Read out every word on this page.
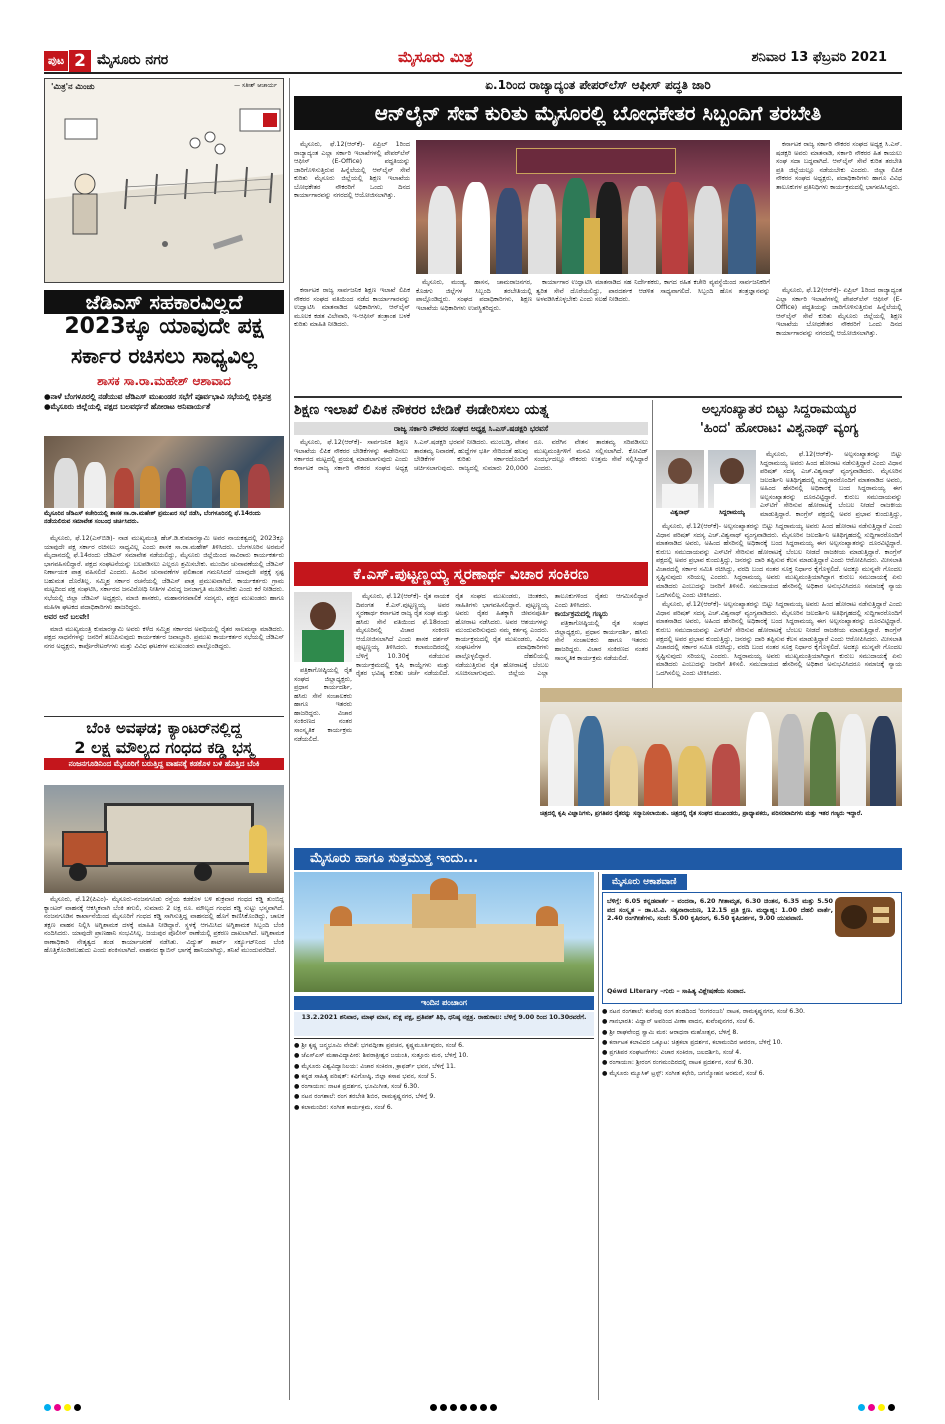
ಪುಟ 2 ಮೈಸೂರು ನಗರ	ಮೈಸೂರು ಮಿತ್ರ	ಶನಿವಾರ 13 ಫೆಬ್ರವರಿ 2021
'ಮಿತ್ರ'ನ ಮಿಂಚು	— ಸತೀಶ್ ಆಚಾರ್ಯ
ಜೆಡಿಎಸ್ ಸಹಕಾರವಿಲ್ಲದೆ
2023ಕ್ಕೂ ಯಾವುದೇ ಪಕ್ಷ
ಸರ್ಕಾರ ರಚಿಸಲು ಸಾಧ್ಯವಿಲ್ಲ
ಶಾಸಕ ಸಾ.ರಾ.ಮಹೇಶ್ ಆಶಾವಾದ
●ನಾಳೆ ಬೆಂಗಳೂರಲ್ಲಿ ನಡೆಯುವ ಜೆಡಿಎಸ್ ಮುಖಂಡರ ಸಭೆಗೆ ಪೂರ್ವಭಾವಿ ಸಭೆಯಲ್ಲಿ ಭಿತ್ತಿಪತ್ರ
●ಮೈಸೂರು ಜಿಲ್ಲೆಯಲ್ಲಿ ಪಕ್ಷದ ಬಲವರ್ಧನೆ ಹೋರಾಟ ಅನಿವಾರ್ಯತೆ
ಮೈಸೂರಿನ ಜೆಡಿಎಸ್ ಕಚೇರಿಯಲ್ಲಿ ಶಾಸಕ ಸಾ.ರಾ.ಮಹೇಶ್ ಪ್ರಮುಖರ ಸಭೆ ನಡೆಸಿ, ಬೆಂಗಳೂರಿನಲ್ಲಿ ಫೆ.14ರಂದು ನಡೆಯಲಿರುವ ಸಮಾವೇಶ ಸಂಬಂಧ ಚರ್ಚಿಸಿದರು.

ಮೈಸೂರು, ಫೆ.12(ಎಸ್‌ಬಿಡಿ)- ನಾಡ ಮುಖ್ಯಮಂತ್ರಿ ಹೆಚ್.ಡಿ.ಕುಮಾರಸ್ವಾಮಿ ಅವರ ನಾಯಕತ್ವದಲ್ಲಿ 2023ಕ್ಕೂ ಯಾವುದೇ ಪಕ್ಷ ಸರ್ಕಾರ ರಚಿಸಲು ಸಾಧ್ಯವಿಲ್ಲ ಎಂದು ಶಾಸಕ ಸಾ.ರಾ.ಮಹೇಶ್ ತಿಳಿಸಿದರು. ಬೆಂಗಳೂರಿನ ಅರಮನೆ ಮೈದಾನದಲ್ಲಿ ಫೆ.14ರಂದು ಜೆಡಿಎಸ್ ಸಮಾವೇಶ ನಡೆಯಲಿದ್ದು, ಮೈಸೂರು ಜಿಲ್ಲೆಯಿಂದ ಸಾವಿರಾರು ಕಾರ್ಯಕರ್ತರು ಭಾಗವಹಿಸಲಿದ್ದಾರೆ. ಪಕ್ಷದ ಸಂಘಟನೆಯನ್ನು ಬಲಪಡಿಸಲು ಎಲ್ಲರೂ ಶ್ರಮಿಸಬೇಕು. ಮುಂದಿನ ಚುನಾವಣೆಯಲ್ಲಿ ಜೆಡಿಎಸ್ ನಿರ್ಣಾಯಕ ಪಾತ್ರ ವಹಿಸಲಿದೆ ಎಂದರು. ಹಿಂದಿನ ಚುನಾವಣೆಗಳ ಫಲಿತಾಂಶ ಗಮನಿಸಿದರೆ ಯಾವುದೇ ಪಕ್ಷಕ್ಕೆ ಸ್ಪಷ್ಟ ಬಹುಮತ ದೊರೆತಿಲ್ಲ. ಸಮ್ಮಿಶ್ರ ಸರ್ಕಾರ ರಚನೆಯಲ್ಲಿ ಜೆಡಿಎಸ್ ಪಾತ್ರ ಪ್ರಮುಖವಾಗಿದೆ. ಕಾರ್ಯಕರ್ತರು ಗ್ರಾಮ ಮಟ್ಟದಿಂದ ಪಕ್ಷ ಸಂಘಟಿಸಿ, ಸರ್ಕಾರದ ಜನವಿರೋಧಿ ನೀತಿಗಳ ವಿರುದ್ಧ ಜನಜಾಗೃತಿ ಮೂಡಿಸಬೇಕು ಎಂದು ಕರೆ ನೀಡಿದರು. ಸಭೆಯಲ್ಲಿ ಜಿಲ್ಲಾ ಜೆಡಿಎಸ್ ಅಧ್ಯಕ್ಷರು, ಮಾಜಿ ಶಾಸಕರು, ಮಹಾನಗರಪಾಲಿಕೆ ಸದಸ್ಯರು, ಪಕ್ಷದ ಮುಖಂಡರು ಹಾಗೂ ಮಹಿಳಾ ಘಟಕದ ಪದಾಧಿಕಾರಿಗಳು ಹಾಜರಿದ್ದರು.

ಅವರ ಆನೆ ಬಲವೇ!

ಮಾಜಿ ಮುಖ್ಯಮಂತ್ರಿ ಕುಮಾರಸ್ವಾಮಿ ಅವರು ಕಳೆದ ಸಮ್ಮಿಶ್ರ ಸರ್ಕಾರದ ಅವಧಿಯಲ್ಲಿ ರೈತರ ಸಾಲಮನ್ನಾ ಮಾಡಿದರು. ಪಕ್ಷದ ಸಾಧನೆಗಳನ್ನು ಜನರಿಗೆ ತಲುಪಿಸುವುದು ಕಾರ್ಯಕರ್ತರ ಜವಾಬ್ದಾರಿ. ಪ್ರಮುಖ ಕಾರ್ಯಕರ್ತರ ಸಭೆಯಲ್ಲಿ ಜೆಡಿಎಸ್ ನಗರ ಅಧ್ಯಕ್ಷರು, ಕಾರ್ಪೊರೇಟರ್‌ಗಳು ಮತ್ತು ವಿವಿಧ ಘಟಕಗಳ ಮುಖಂಡರು ಪಾಲ್ಗೊಂಡಿದ್ದರು.

ಬೆಂಕಿ ಅವಘಡ; ಕ್ಯಾಂಟರ್‌ನಲ್ಲಿದ್ದ
2 ಲಕ್ಷ ಮೌಲ್ಯದ ಗಂಧದ ಕಡ್ಡಿ ಭಸ್ಮ
ನಂಜನಗೂಡಿನಿಂದ ಮೈಸೂರಿಗೆ ಬರುತ್ತಿದ್ದ ವಾಹನಕ್ಕೆ ಕಡಕೊಳ ಬಳಿ ಹೊತ್ತಿದ ಬೆಂಕಿ

ಮೈಸೂರು, ಫೆ.12(ಪಿಎಂ)- ಮೈಸೂರು-ನಂಜನಗೂಡು ರಸ್ತೆಯ ಕಡಕೊಳ ಬಳಿ ಶುಕ್ರವಾರ ಗಂಧದ ಕಡ್ಡಿ ತುಂಬಿದ್ದ ಕ್ಯಾಂಟರ್ ವಾಹನಕ್ಕೆ ಆಕಸ್ಮಿಕವಾಗಿ ಬೆಂಕಿ ತಗುಲಿ, ಸುಮಾರು 2 ಲಕ್ಷ ರೂ. ಮೌಲ್ಯದ ಗಂಧದ ಕಡ್ಡಿ ಸುಟ್ಟು ಭಸ್ಮವಾಗಿದೆ. ನಂಜನಗೂಡಿನ ಕಾರ್ಖಾನೆಯಿಂದ ಮೈಸೂರಿಗೆ ಗಂಧದ ಕಡ್ಡಿ ಸಾಗಿಸುತ್ತಿದ್ದ ವಾಹನದಲ್ಲಿ ಹೊಗೆ ಕಾಣಿಸಿಕೊಂಡಿದ್ದು, ಚಾಲಕ ತಕ್ಷಣ ವಾಹನ ನಿಲ್ಲಿಸಿ ಅಗ್ನಿಶಾಮಕ ದಳಕ್ಕೆ ಮಾಹಿತಿ ನೀಡಿದ್ದಾರೆ. ಸ್ಥಳಕ್ಕೆ ಆಗಮಿಸಿದ ಅಗ್ನಿಶಾಮಕ ಸಿಬ್ಬಂದಿ ಬೆಂಕಿ ನಂದಿಸಿದರು. ಯಾವುದೇ ಪ್ರಾಣಹಾನಿ ಸಂಭವಿಸಿಲ್ಲ. ಜಯಪುರ ಪೊಲೀಸ್ ಠಾಣೆಯಲ್ಲಿ ಪ್ರಕರಣ ದಾಖಲಾಗಿದೆ. ಅಗ್ನಿಶಾಮಕ ಠಾಣಾಧಿಕಾರಿ ನೇತೃತ್ವದ ತಂಡ ಕಾರ್ಯಾಚರಣೆ ನಡೆಸಿತು. ವಿದ್ಯುತ್ ಶಾರ್ಟ್ ಸರ್ಕ್ಯೂಟ್‌ನಿಂದ ಬೆಂಕಿ ಹೊತ್ತಿಕೊಂಡಿರಬಹುದು ಎಂದು ಶಂಕಿಸಲಾಗಿದೆ. ವಾಹನದ ಕ್ಯಾಬಿನ್ ಭಾಗಕ್ಕೆ ಹಾನಿಯಾಗಿದ್ದು, ತನಿಖೆ ಮುಂದುವರೆದಿದೆ.

ಏ.1ರಿಂದ ರಾಜ್ಯಾದ್ಯಂತ ಪೇಪರ್‌ಲೆಸ್ ಆಫೀಸ್ ಪದ್ಧತಿ ಜಾರಿ
ಆನ್‌ಲೈನ್ ಸೇವೆ ಕುರಿತು ಮೈಸೂರಲ್ಲಿ ಬೋಧಕೇತರ ಸಿಬ್ಬಂದಿಗೆ ತರಬೇತಿ

ಮೈಸೂರು, ಫೆ.12(ಆರ್‌ಕೆ)- ಏಪ್ರಿಲ್ 1ರಿಂದ ರಾಜ್ಯಾದ್ಯಂತ ಎಲ್ಲಾ ಸರ್ಕಾರಿ ಇಲಾಖೆಗಳಲ್ಲಿ ಪೇಪರ್‌ಲೆಸ್ ಆಫೀಸ್ (E-Office) ಪದ್ಧತಿಯನ್ನು ಜಾರಿಗೊಳಿಸುತ್ತಿರುವ ಹಿನ್ನೆಲೆಯಲ್ಲಿ ಆನ್‌ಲೈನ್ ಸೇವೆ ಕುರಿತು ಮೈಸೂರು ಜಿಲ್ಲೆಯಲ್ಲಿ ಶಿಕ್ಷಣ ಇಲಾಖೆಯ ಬೋಧಕೇತರ ನೌಕರರಿಗೆ ಒಂದು ದಿನದ ಕಾರ್ಯಾಗಾರವನ್ನು ನಗರದಲ್ಲಿ ಆಯೋಜಿಸಲಾಗಿತ್ತು.

ಕರ್ನಾಟಕ ರಾಜ್ಯ ಸರ್ಕಾರಿ ನೌಕರರ ಸಂಘದ ಅಧ್ಯಕ್ಷ ಸಿ.ಎಸ್. ಷಡಕ್ಷರಿ ಅವರು ಮಾತನಾಡಿ, ಸರ್ಕಾರಿ ನೌಕರರ ಹಿತ ಕಾಯಲು ಸಂಘ ಸದಾ ಬದ್ಧವಾಗಿದೆ. ಆನ್‌ಲೈನ್ ಸೇವೆ ಕುರಿತ ತರಬೇತಿ ಪ್ರತಿ ಜಿಲ್ಲೆಯಲ್ಲೂ ನಡೆಯಬೇಕು ಎಂದರು. ಜಿಲ್ಲಾ ಲಿಪಿಕ ನೌಕರರ ಸಂಘದ ಅಧ್ಯಕ್ಷರು, ಪದಾಧಿಕಾರಿಗಳು ಹಾಗೂ ವಿವಿಧ ತಾಲೂಕುಗಳ ಪ್ರತಿನಿಧಿಗಳು ಕಾರ್ಯಕ್ರಮದಲ್ಲಿ ಭಾಗವಹಿಸಿದ್ದರು.

ಕರ್ನಾಟಕ ರಾಜ್ಯ ಸಾರ್ವಜನಿಕ ಶಿಕ್ಷಣ ಇಲಾಖೆ ಲಿಪಿಕ ನೌಕರರ ಸಂಘದ ವತಿಯಿಂದ ನಡೆದ ಕಾರ್ಯಾಗಾರವನ್ನು ಉದ್ಘಾಟಿಸಿ ಮಾತನಾಡಿದ ಅಧಿಕಾರಿಗಳು, ಆನ್‌ಲೈನ್ ಮೂಲಕ ಕಡತ ವಿಲೇವಾರಿ, ಇ-ಆಫೀಸ್ ತಂತ್ರಾಂಶ ಬಳಕೆ ಕುರಿತು ಮಾಹಿತಿ ನೀಡಿದರು.

ಮೈಸೂರು, ಮಂಡ್ಯ, ಹಾಸನ, ಚಾಮರಾಜನಗರ, ಕೊಡಗು ಜಿಲ್ಲೆಗಳ ಸಿಬ್ಬಂದಿ ತರಬೇತಿಯಲ್ಲಿ ಪಾಲ್ಗೊಂಡಿದ್ದರು. ಸಂಘದ ಪದಾಧಿಕಾರಿಗಳು, ಶಿಕ್ಷಣ ಇಲಾಖೆಯ ಅಧಿಕಾರಿಗಳು ಉಪಸ್ಥಿತರಿದ್ದರು.

ಕಾರ್ಯಾಗಾರ ಉದ್ಘಾಟಿಸಿ ಮಾತನಾಡಿದ ಸಹ ನಿರ್ದೇಶಕರು, ಕಾಗದ ರಹಿತ ಕಚೇರಿ ವ್ಯವಸ್ಥೆಯಿಂದ ಸಾರ್ವಜನಿಕರಿಗೆ ತ್ವರಿತ ಸೇವೆ ದೊರೆಯಲಿದ್ದು, ಪಾರದರ್ಶಕ ಆಡಳಿತ ಸಾಧ್ಯವಾಗಲಿದೆ. ಸಿಬ್ಬಂದಿ ಹೊಸ ತಂತ್ರಜ್ಞಾನವನ್ನು ಅಳವಡಿಸಿಕೊಳ್ಳಬೇಕು ಎಂದು ಸಲಹೆ ನೀಡಿದರು.

ಮೈಸೂರು, ಫೆ.12(ಆರ್‌ಕೆ)- ಏಪ್ರಿಲ್ 1ರಿಂದ ರಾಜ್ಯಾದ್ಯಂತ ಎಲ್ಲಾ ಸರ್ಕಾರಿ ಇಲಾಖೆಗಳಲ್ಲಿ ಪೇಪರ್‌ಲೆಸ್ ಆಫೀಸ್ (E-Office) ಪದ್ಧತಿಯನ್ನು ಜಾರಿಗೊಳಿಸುತ್ತಿರುವ ಹಿನ್ನೆಲೆಯಲ್ಲಿ ಆನ್‌ಲೈನ್ ಸೇವೆ ಕುರಿತು ಮೈಸೂರು ಜಿಲ್ಲೆಯಲ್ಲಿ ಶಿಕ್ಷಣ ಇಲಾಖೆಯ ಬೋಧಕೇತರ ನೌಕರರಿಗೆ ಒಂದು ದಿನದ ಕಾರ್ಯಾಗಾರವನ್ನು ನಗರದಲ್ಲಿ ಆಯೋಜಿಸಲಾಗಿತ್ತು.

ಶಿಕ್ಷಣ ಇಲಾಖೆ ಲಿಪಿಕ ನೌಕರರ ಬೇಡಿಕೆ ಈಡೇರಿಸಲು ಯತ್ನ
ರಾಜ್ಯ ಸರ್ಕಾರಿ ನೌಕರರ ಸಂಘದ ಅಧ್ಯಕ್ಷ ಸಿ.ಎಸ್.ಷಡಕ್ಷರಿ ಭರವಸೆ

ಮೈಸೂರು, ಫೆ.12(ಆರ್‌ಕೆ)- ಸಾರ್ವಜನಿಕ ಶಿಕ್ಷಣ ಇಲಾಖೆಯ ಲಿಪಿಕ ನೌಕರರ ಬೇಡಿಕೆಗಳನ್ನು ಈಡೇರಿಸಲು ಸರ್ಕಾರದ ಮಟ್ಟದಲ್ಲಿ ಪ್ರಯತ್ನ ಮಾಡಲಾಗುವುದು ಎಂದು ಕರ್ನಾಟಕ ರಾಜ್ಯ ಸರ್ಕಾರಿ ನೌಕರರ ಸಂಘದ ಅಧ್ಯಕ್ಷ ಸಿ.ಎಸ್.ಷಡಕ್ಷರಿ ಭರವಸೆ ನೀಡಿದರು. ಮುಂಬಡ್ತಿ, ವೇತನ ತಾರತಮ್ಯ ನಿವಾರಣೆ, ಹುದ್ದೆಗಳ ಭರ್ತಿ ಸೇರಿದಂತೆ ಹಲವು ಬೇಡಿಕೆಗಳ ಕುರಿತು ಸರ್ಕಾರದೊಂದಿಗೆ ಚರ್ಚಿಸಲಾಗುವುದು. ರಾಜ್ಯದಲ್ಲಿ ಸುಮಾರು 20,000 ರೂ. ವರೆಗಿನ ವೇತನ ತಾರತಮ್ಯ ಸರಿಪಡಿಸಲು ಮುಖ್ಯಮಂತ್ರಿಗಳಿಗೆ ಮನವಿ ಸಲ್ಲಿಸಲಾಗಿದೆ. ಕೋವಿಡ್ ಸಂದರ್ಭದಲ್ಲೂ ನೌಕರರು ಉತ್ತಮ ಸೇವೆ ಸಲ್ಲಿಸಿದ್ದಾರೆ ಎಂದರು.

ಅಲ್ಪಸಂಖ್ಯಾತರ ಬಿಟ್ಟು ಸಿದ್ದರಾಮಯ್ಯರ
'ಹಿಂದ' ಹೋರಾಟ: ವಿಶ್ವನಾಥ್ ವ್ಯಂಗ್ಯ
ವಿಶ್ವನಾಥ್	ಸಿದ್ದರಾಮಯ್ಯ

ಮೈಸೂರು, ಫೆ.12(ಆರ್‌ಕೆ)- ಅಲ್ಪಸಂಖ್ಯಾತರನ್ನು ಬಿಟ್ಟು ಸಿದ್ದರಾಮಯ್ಯ ಅವರು ಹಿಂದ ಹೋರಾಟ ನಡೆಸುತ್ತಿದ್ದಾರೆ ಎಂದು ವಿಧಾನ ಪರಿಷತ್ ಸದಸ್ಯ ಎಚ್.ವಿಶ್ವನಾಥ್ ವ್ಯಂಗ್ಯವಾಡಿದರು. ಮೈಸೂರಿನ ಜಲದರ್ಶಿನಿ ಅತಿಥಿಗೃಹದಲ್ಲಿ ಸುದ್ದಿಗಾರರೊಂದಿಗೆ ಮಾತನಾಡಿದ ಅವರು, ಅಹಿಂದ ಹೆಸರಿನಲ್ಲಿ ಅಧಿಕಾರಕ್ಕೆ ಬಂದ ಸಿದ್ದರಾಮಯ್ಯ ಈಗ ಅಲ್ಪಸಂಖ್ಯಾತರನ್ನು ದೂರವಿಟ್ಟಿದ್ದಾರೆ. ಕುರುಬ ಸಮುದಾಯವನ್ನು ಎಸ್‌ಟಿಗೆ ಸೇರಿಸುವ ಹೋರಾಟಕ್ಕೆ ಬೆಂಬಲ ನೀಡದೆ ರಾಜಕೀಯ ಮಾಡುತ್ತಿದ್ದಾರೆ. ಕಾಂಗ್ರೆಸ್ ಪಕ್ಷದಲ್ಲಿ ಅವರ ಪ್ರಭಾವ ಕುಂದುತ್ತಿದ್ದು,

ಮೈಸೂರು, ಫೆ.12(ಆರ್‌ಕೆ)- ಅಲ್ಪಸಂಖ್ಯಾತರನ್ನು ಬಿಟ್ಟು ಸಿದ್ದರಾಮಯ್ಯ ಅವರು ಹಿಂದ ಹೋರಾಟ ನಡೆಸುತ್ತಿದ್ದಾರೆ ಎಂದು ವಿಧಾನ ಪರಿಷತ್ ಸದಸ್ಯ ಎಚ್.ವಿಶ್ವನಾಥ್ ವ್ಯಂಗ್ಯವಾಡಿದರು. ಮೈಸೂರಿನ ಜಲದರ್ಶಿನಿ ಅತಿಥಿಗೃಹದಲ್ಲಿ ಸುದ್ದಿಗಾರರೊಂದಿಗೆ ಮಾತನಾಡಿದ ಅವರು, ಅಹಿಂದ ಹೆಸರಿನಲ್ಲಿ ಅಧಿಕಾರಕ್ಕೆ ಬಂದ ಸಿದ್ದರಾಮಯ್ಯ ಈಗ ಅಲ್ಪಸಂಖ್ಯಾತರನ್ನು ದೂರವಿಟ್ಟಿದ್ದಾರೆ. ಕುರುಬ ಸಮುದಾಯವನ್ನು ಎಸ್‌ಟಿಗೆ ಸೇರಿಸುವ ಹೋರಾಟಕ್ಕೆ ಬೆಂಬಲ ನೀಡದೆ ರಾಜಕೀಯ ಮಾಡುತ್ತಿದ್ದಾರೆ. ಕಾಂಗ್ರೆಸ್ ಪಕ್ಷದಲ್ಲಿ ಅವರ ಪ್ರಭಾವ ಕುಂದುತ್ತಿದ್ದು, ಜನರನ್ನು ದಾರಿ ತಪ್ಪಿಸುವ ಕೆಲಸ ಮಾಡುತ್ತಿದ್ದಾರೆ ಎಂದು ಆರೋಪಿಸಿದರು. ಮೀಸಲಾತಿ ವಿಚಾರದಲ್ಲಿ ಸರ್ಕಾರ ಸಮಿತಿ ರಚಿಸಿದ್ದು, ವರದಿ ಬಂದ ನಂತರ ಸೂಕ್ತ ನಿರ್ಧಾರ ಕೈಗೊಳ್ಳಲಿದೆ. ಅದಕ್ಕೂ ಮುನ್ನವೇ ಗೊಂದಲ ಸೃಷ್ಟಿಸುವುದು ಸರಿಯಲ್ಲ ಎಂದರು. ಸಿದ್ದರಾಮಯ್ಯ ಅವರು ಮುಖ್ಯಮಂತ್ರಿಯಾಗಿದ್ದಾಗ ಕುರುಬ ಸಮುದಾಯಕ್ಕೆ ಏನು ಮಾಡಿದರು ಎಂಬುದನ್ನು ಜನರಿಗೆ ತಿಳಿಸಲಿ. ಸಮುದಾಯದ ಹೆಸರಿನಲ್ಲಿ ಅಧಿಕಾರ ಅನುಭವಿಸಿದರೂ ಸಮಾಜಕ್ಕೆ ನ್ಯಾಯ ಒದಗಿಸಲಿಲ್ಲ ಎಂದು ಟೀಕಿಸಿದರು.

ಮೈಸೂರು, ಫೆ.12(ಆರ್‌ಕೆ)- ಅಲ್ಪಸಂಖ್ಯಾತರನ್ನು ಬಿಟ್ಟು ಸಿದ್ದರಾಮಯ್ಯ ಅವರು ಹಿಂದ ಹೋರಾಟ ನಡೆಸುತ್ತಿದ್ದಾರೆ ಎಂದು ವಿಧಾನ ಪರಿಷತ್ ಸದಸ್ಯ ಎಚ್.ವಿಶ್ವನಾಥ್ ವ್ಯಂಗ್ಯವಾಡಿದರು. ಮೈಸೂರಿನ ಜಲದರ್ಶಿನಿ ಅತಿಥಿಗೃಹದಲ್ಲಿ ಸುದ್ದಿಗಾರರೊಂದಿಗೆ ಮಾತನಾಡಿದ ಅವರು, ಅಹಿಂದ ಹೆಸರಿನಲ್ಲಿ ಅಧಿಕಾರಕ್ಕೆ ಬಂದ ಸಿದ್ದರಾಮಯ್ಯ ಈಗ ಅಲ್ಪಸಂಖ್ಯಾತರನ್ನು ದೂರವಿಟ್ಟಿದ್ದಾರೆ. ಕುರುಬ ಸಮುದಾಯವನ್ನು ಎಸ್‌ಟಿಗೆ ಸೇರಿಸುವ ಹೋರಾಟಕ್ಕೆ ಬೆಂಬಲ ನೀಡದೆ ರಾಜಕೀಯ ಮಾಡುತ್ತಿದ್ದಾರೆ. ಕಾಂಗ್ರೆಸ್ ಪಕ್ಷದಲ್ಲಿ ಅವರ ಪ್ರಭಾವ ಕುಂದುತ್ತಿದ್ದು, ಜನರನ್ನು ದಾರಿ ತಪ್ಪಿಸುವ ಕೆಲಸ ಮಾಡುತ್ತಿದ್ದಾರೆ ಎಂದು ಆರೋಪಿಸಿದರು. ಮೀಸಲಾತಿ ವಿಚಾರದಲ್ಲಿ ಸರ್ಕಾರ ಸಮಿತಿ ರಚಿಸಿದ್ದು, ವರದಿ ಬಂದ ನಂತರ ಸೂಕ್ತ ನಿರ್ಧಾರ ಕೈಗೊಳ್ಳಲಿದೆ. ಅದಕ್ಕೂ ಮುನ್ನವೇ ಗೊಂದಲ ಸೃಷ್ಟಿಸುವುದು ಸರಿಯಲ್ಲ ಎಂದರು. ಸಿದ್ದರಾಮಯ್ಯ ಅವರು ಮುಖ್ಯಮಂತ್ರಿಯಾಗಿದ್ದಾಗ ಕುರುಬ ಸಮುದಾಯಕ್ಕೆ ಏನು ಮಾಡಿದರು ಎಂಬುದನ್ನು ಜನರಿಗೆ ತಿಳಿಸಲಿ. ಸಮುದಾಯದ ಹೆಸರಿನಲ್ಲಿ ಅಧಿಕಾರ ಅನುಭವಿಸಿದರೂ ಸಮಾಜಕ್ಕೆ ನ್ಯಾಯ ಒದಗಿಸಲಿಲ್ಲ ಎಂದು ಟೀಕಿಸಿದರು.

ಕೆ.ಎಸ್.ಪುಟ್ಟಣ್ಣಯ್ಯ ಸ್ಮರಣಾರ್ಥ ವಿಚಾರ ಸಂಕಿರಣ

ಮೈಸೂರು, ಫೆ.12(ಆರ್‌ಕೆ)- ರೈತ ನಾಯಕ ದಿವಂಗತ ಕೆ.ಎಸ್.ಪುಟ್ಟಣ್ಣಯ್ಯ ಅವರ ಸ್ಮರಣಾರ್ಥ ಕರ್ನಾಟಕ ರಾಜ್ಯ ರೈತ ಸಂಘ ಮತ್ತು ಹಸಿರು ಸೇನೆ ವತಿಯಿಂದ ಫೆ.18ರಂದು ಮೈಸೂರಿನಲ್ಲಿ ವಿಚಾರ ಸಂಕಿರಣ ಆಯೋಜಿಸಲಾಗಿದೆ ಎಂದು ಶಾಸಕ ದರ್ಶನ್ ಪುಟ್ಟಣ್ಣಯ್ಯ ತಿಳಿಸಿದರು. ಕಲಾಮಂದಿರದಲ್ಲಿ ಬೆಳಿಗ್ಗೆ 10.30ಕ್ಕೆ ನಡೆಯುವ ಕಾರ್ಯಕ್ರಮದಲ್ಲಿ ಕೃಷಿ ಕಾಯ್ದೆಗಳು ಮತ್ತು ರೈತರ ಭವಿಷ್ಯ ಕುರಿತು ಚರ್ಚೆ ನಡೆಯಲಿದೆ. ರೈತ ಸಂಘದ ಮುಖಂಡರು, ಚಿಂತಕರು, ಸಾಹಿತಿಗಳು ಭಾಗವಹಿಸಲಿದ್ದಾರೆ. ಪುಟ್ಟಣ್ಣಯ್ಯ ಅವರು ರೈತರ ಹಿತಕ್ಕಾಗಿ ಜೀವನಪೂರ್ತಿ ಹೋರಾಟ ನಡೆಸಿದರು. ಅವರ ಆಶಯಗಳನ್ನು ಮುಂದುವರಿಸುವುದು ನಮ್ಮ ಕರ್ತವ್ಯ ಎಂದರು. ಕಾರ್ಯಕ್ರಮದಲ್ಲಿ ರೈತ ಮುಖಂಡರು, ವಿವಿಧ ಸಂಘಟನೆಗಳ ಪದಾಧಿಕಾರಿಗಳು ಪಾಲ್ಗೊಳ್ಳಲಿದ್ದಾರೆ. ದೆಹಲಿಯಲ್ಲಿ ನಡೆಯುತ್ತಿರುವ ರೈತ ಹೋರಾಟಕ್ಕೆ ಬೆಂಬಲ ಸೂಚಿಸಲಾಗುವುದು. ಜಿಲ್ಲೆಯ ಎಲ್ಲಾ ತಾಲೂಕುಗಳಿಂದ ರೈತರು ಆಗಮಿಸಲಿದ್ದಾರೆ ಎಂದು ತಿಳಿಸಿದರು.

ಕಾರ್ಯಕ್ರಮದಲ್ಲಿ ಗಣ್ಯರು

ಪತ್ರಿಕಾಗೋಷ್ಠಿಯಲ್ಲಿ ರೈತ ಸಂಘದ ಜಿಲ್ಲಾಧ್ಯಕ್ಷರು, ಪ್ರಧಾನ ಕಾರ್ಯದರ್ಶಿ, ಹಸಿರು ಸೇನೆ ಸಂಚಾಲಕರು ಹಾಗೂ ಇತರರು ಹಾಜರಿದ್ದರು. ವಿಚಾರ ಸಂಕಿರಣದ ನಂತರ ಸಾಂಸ್ಕೃತಿಕ ಕಾರ್ಯಕ್ರಮ ನಡೆಯಲಿದೆ.

ಪತ್ರಿಕಾಗೋಷ್ಠಿಯಲ್ಲಿ ರೈತ ಸಂಘದ ಜಿಲ್ಲಾಧ್ಯಕ್ಷರು, ಪ್ರಧಾನ ಕಾರ್ಯದರ್ಶಿ, ಹಸಿರು ಸೇನೆ ಸಂಚಾಲಕರು ಹಾಗೂ ಇತರರು ಹಾಜರಿದ್ದರು. ವಿಚಾರ ಸಂಕಿರಣದ ನಂತರ ಸಾಂಸ್ಕೃತಿಕ ಕಾರ್ಯಕ್ರಮ ನಡೆಯಲಿದೆ.

ಚಿತ್ರದಲ್ಲಿ ಕೃಷಿ ವಿಜ್ಞಾನಿಗಳು, ಪ್ರಗತಿಪರ ರೈತರನ್ನು ಸನ್ಮಾನಿಸಲಾಯಿತು. ಚಿತ್ರದಲ್ಲಿ ರೈತ ಸಂಘದ ಮುಖಂಡರು, ಪ್ರಾಧ್ಯಾಪಕರು, ಪರಿಸರವಾದಿಗಳು ಮತ್ತು ಇತರ ಗಣ್ಯರು ಇದ್ದಾರೆ.
ಮೈಸೂರು ಹಾಗೂ ಸುತ್ತಮುತ್ತ ಇಂದು...
ಇಂದಿನ ಪಂಚಾಂಗ
13.2.2021 ಶನಿವಾರ, ಮಾಘ ಮಾಸ, ಶುಕ್ಲ ಪಕ್ಷ, ಪ್ರತಿಪತ್ ತಿಥಿ, ಧನಿಷ್ಠ ನಕ್ಷತ್ರ. ರಾಹುಕಾಲ: ಬೆಳಿಗ್ಗೆ 9.00 ರಿಂದ 10.30ರವರೆಗೆ.
● ಶ್ರೀ ಕೃಷ್ಣ ಜನ್ಮಭೂಮಿ ವೇದಿಕೆ: ಭಗವದ್ಗೀತಾ ಪ್ರವಚನ, ಕೃಷ್ಣಮೂರ್ತಿಪುರಂ, ಸಂಜೆ 6.
● ಜೆಎಸ್‌ಎಸ್ ಮಹಾವಿದ್ಯಾಪೀಠ: ಶಿವರಾತ್ರೀಶ್ವರ ಜಯಂತಿ, ಸುತ್ತೂರು ಮಠ, ಬೆಳಿಗ್ಗೆ 10.
● ಮೈಸೂರು ವಿಶ್ವವಿದ್ಯಾನಿಲಯ: ವಿಚಾರ ಸಂಕಿರಣ, ಕ್ರಾಫರ್ಡ್ ಭವನ, ಬೆಳಿಗ್ಗೆ 11.
● ಕನ್ನಡ ಸಾಹಿತ್ಯ ಪರಿಷತ್: ಕವಿಗೋಷ್ಠಿ, ಜಿಲ್ಲಾ ಕಸಾಪ ಭವನ, ಸಂಜೆ 5.
● ರಂಗಾಯಣ: ನಾಟಕ ಪ್ರದರ್ಶನ, ಭೂಮಿಗೀತ, ಸಂಜೆ 6.30.
● ನಟನ ರಂಗಶಾಲೆ: ರಂಗ ತರಬೇತಿ ಶಿಬಿರ, ರಾಮಕೃಷ್ಣನಗರ, ಬೆಳಿಗ್ಗೆ 9.
● ಕಲಾಮಂದಿರ: ಸಂಗೀತ ಕಾರ್ಯಕ್ರಮ, ಸಂಜೆ 6.
ಮೈಸೂರು ಆಕಾಶವಾಣಿ
ಬೆಳಿಗ್ಗೆ: 6.05 ಕನ್ನಡವಾರ್ತೆ – ವಂದನಾ, 6.20 ಗೀತಾಮೃತ, 6.30 ಚಿಂತನ, 6.35 ಮತ್ತು 5.50 ಪದ ಸಂಸ್ಕೃತ – ಡಾ.ಟಿ.ವಿ. ಸತ್ಯನಾರಾಯಣ, 12.15 ಪ್ರತಿ ಕ್ಷಣ. ಮಧ್ಯಾಹ್ನ: 1.00 ದೆಹಲಿ ವಾರ್ತೆ, 2.40 ರಂಗಗೀತೆಗಳು, ಸಂಜೆ: 5.00 ಕೃಷಿರಂಗ, 6.50 ಕೃಷಿದರ್ಶನ, 9.00 ಯುವವಾಣಿ.
Qéwd Literary –ಗುರು – ಸಾಹಿತ್ಯ ವಿಶ್ಲೇಷಣೆಯ ಸಂವಾದ.
● ನಟನ ರಂಗಶಾಲೆ: ಕುವೆಂಪು ರಂಗ ತಂಡದಿಂದ 'ರಂಗರಂಜನಿ' ನಾಟಕ, ರಾಮಕೃಷ್ಣನಗರ, ಸಂಜೆ 6.30.
● ಗಾನಭಾರತಿ: ವಿದ್ವಾನ್ ಅವರಿಂದ ವೀಣಾ ವಾದನ, ಕುವೆಂಪುನಗರ, ಸಂಜೆ 6.
● ಶ್ರೀ ರಾಘವೇಂದ್ರ ಸ್ವಾಮಿ ಮಠ: ಆರಾಧನಾ ಮಹೋತ್ಸವ, ಬೆಳಿಗ್ಗೆ 8.
● ಕರ್ನಾಟಕ ಕಲಾವಿದರ ಒಕ್ಕೂಟ: ಚಿತ್ರಕಲಾ ಪ್ರದರ್ಶನ, ಕಲಾಮಂದಿರ ಆವರಣ, ಬೆಳಿಗ್ಗೆ 10.
● ಪ್ರಗತಿಪರ ಸಂಘಟನೆಗಳು: ವಿಚಾರ ಸಂಕಿರಣ, ಜಲದರ್ಶಿನಿ, ಸಂಜೆ 4.
● ರಂಗಾಯಣ: ಶ್ರೀರಂಗ ರಂಗಮಂದಿರದಲ್ಲಿ ನಾಟಕ ಪ್ರದರ್ಶನ, ಸಂಜೆ 6.30.
● ಮೈಸೂರು ಮ್ಯೂಸಿಕ್ ಟ್ರಸ್ಟ್: ಸಂಗೀತ ಕಛೇರಿ, ಜಗನ್ಮೋಹನ ಅರಮನೆ, ಸಂಜೆ 6.
